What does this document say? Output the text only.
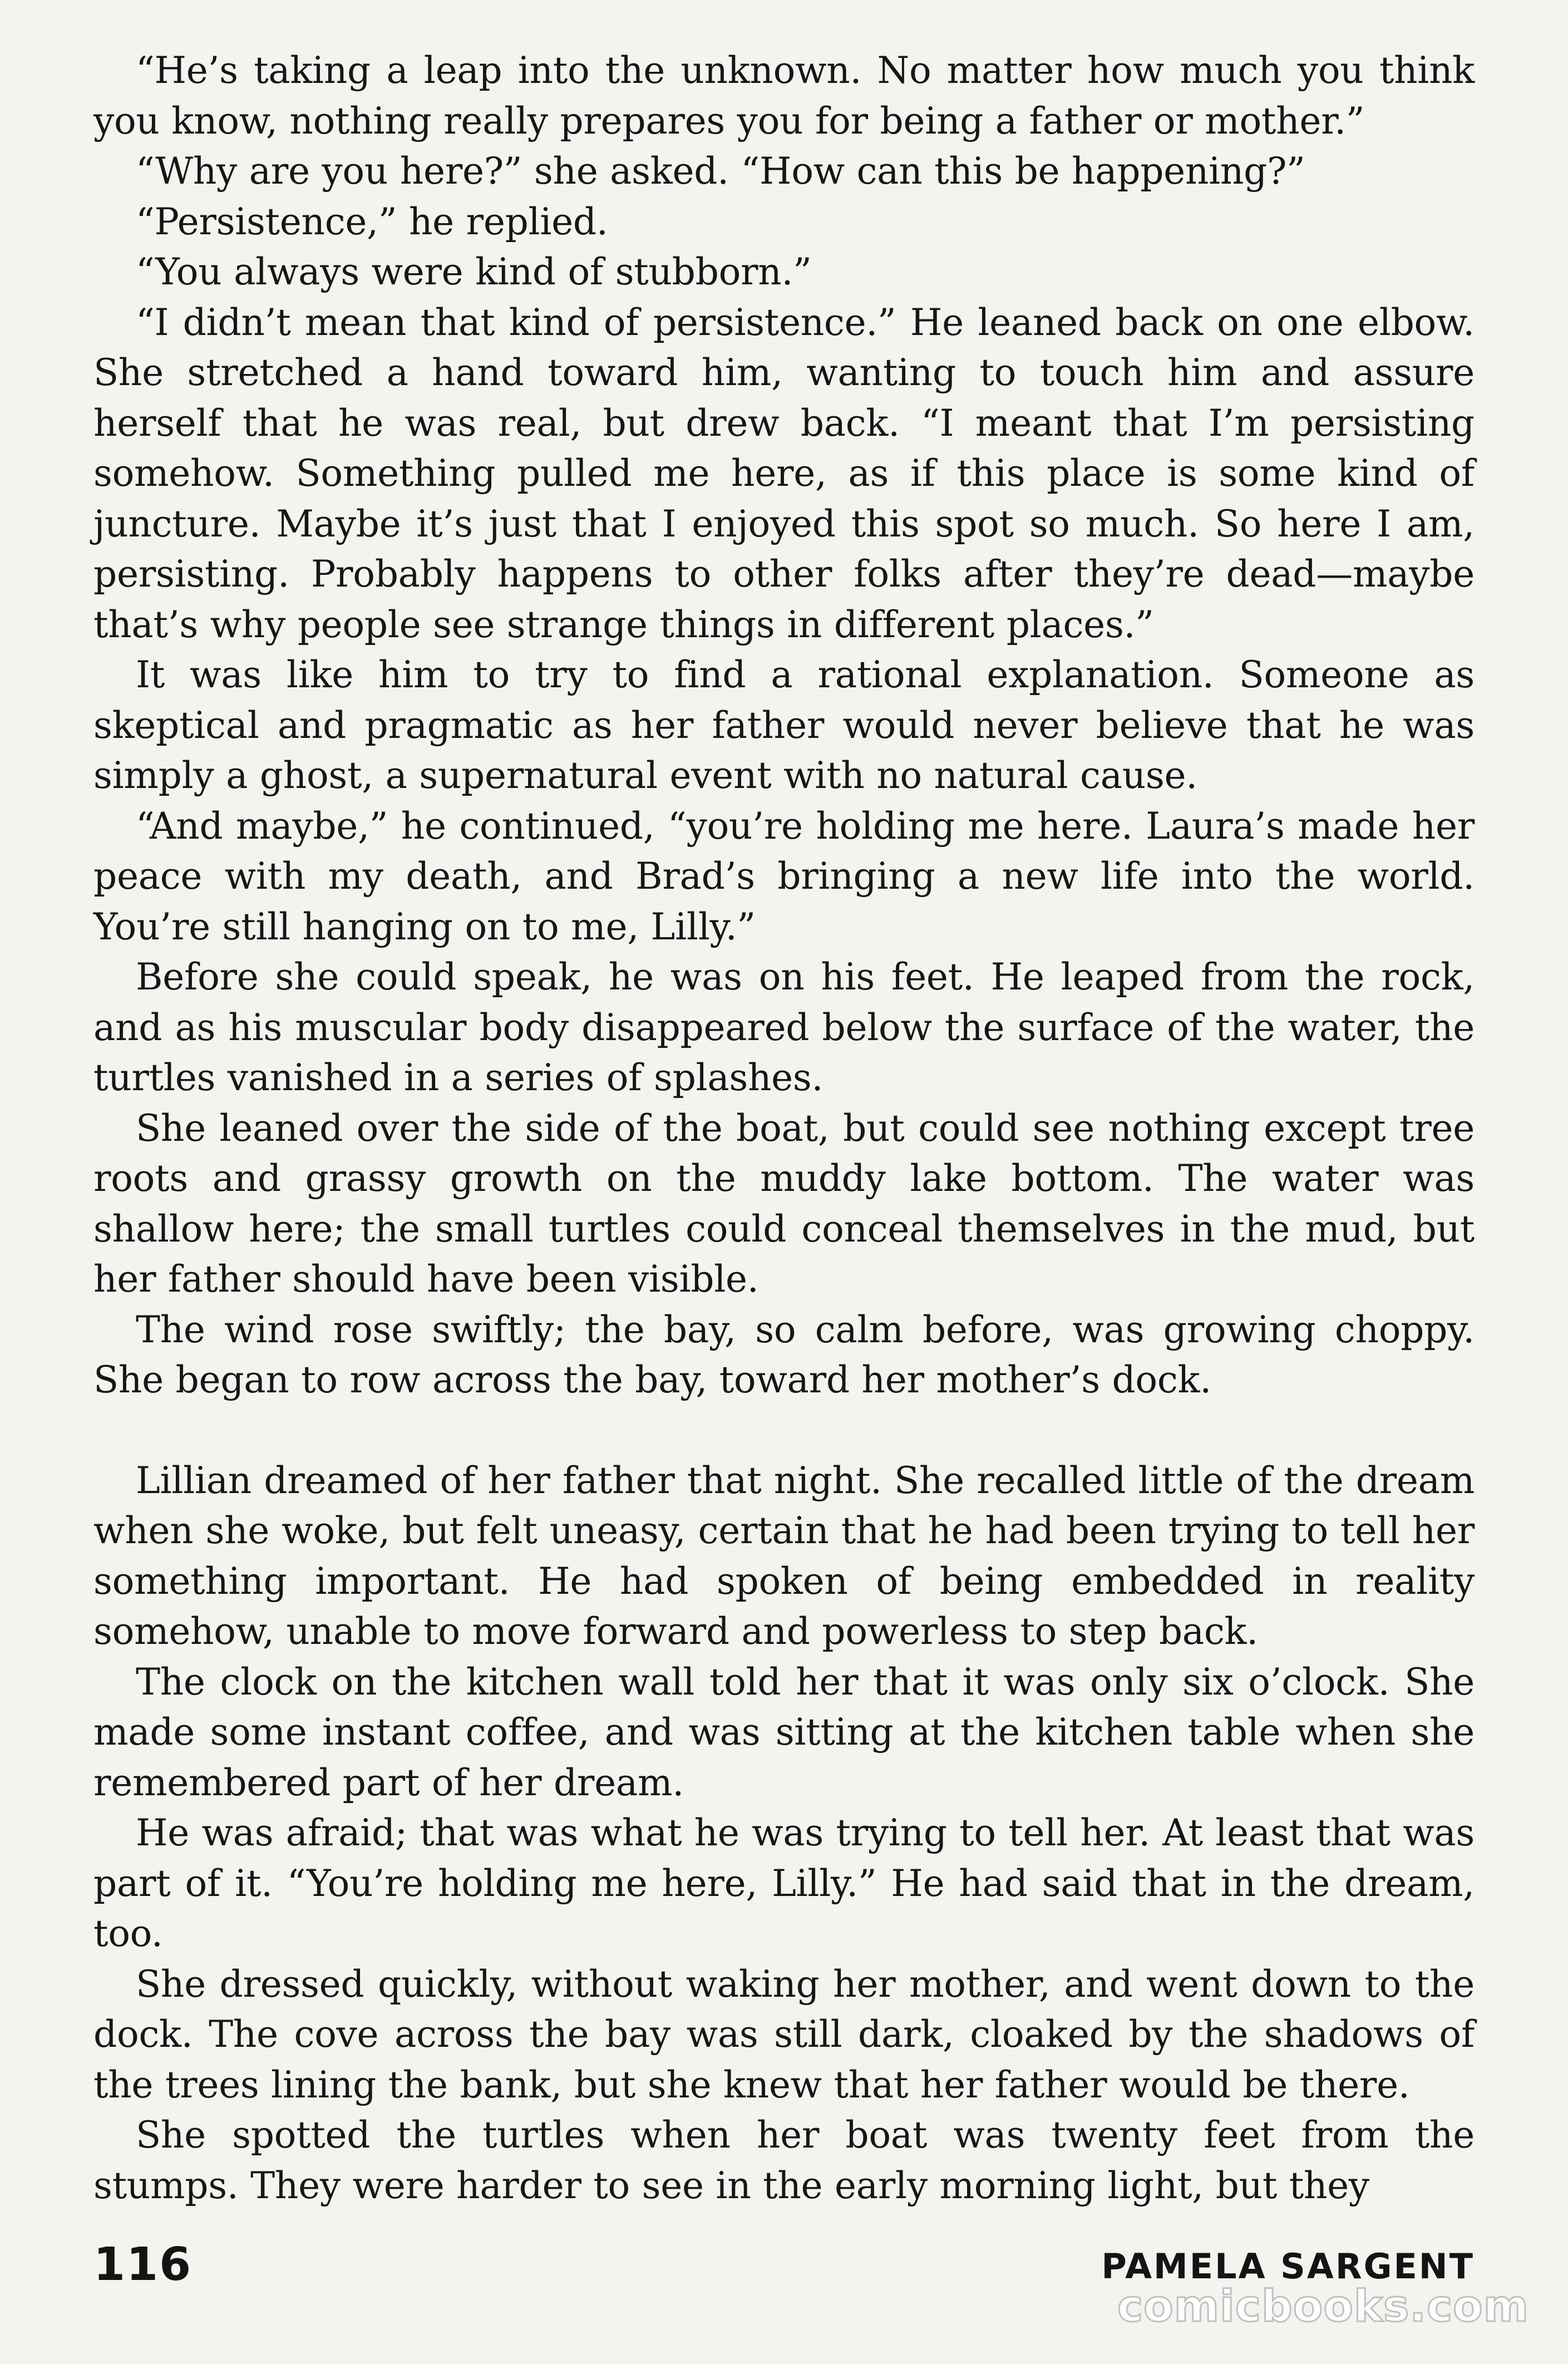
“He’s taking a leap into the unknown. No matter how much you think you know, nothing really prepares you for being a father or mother.”

“Why are you here?” she asked. “How can this be happening?”

“Persistence,” he replied.

“You always were kind of stubborn.”

“I didn’t mean that kind of persistence.” He leaned back on one elbow. She stretched a hand toward him, wanting to touch him and assure herself that he was real, but drew back. “I meant that I’m persisting somehow. Something pulled me here, as if this place is some kind of juncture. Maybe it’s just that I enjoyed this spot so much. So here I am, persisting. Probably happens to other folks after they’re dead—maybe that’s why people see strange things in different places.”

It was like him to try to find a rational explanation. Someone as skeptical and pragmatic as her father would never believe that he was simply a ghost, a supernatural event with no natural cause.

“And maybe,” he continued, “you’re holding me here. Laura’s made her peace with my death, and Brad’s bringing a new life into the world. You’re still hanging on to me, Lilly.”

Before she could speak, he was on his feet. He leaped from the rock, and as his muscular body disappeared below the surface of the water, the turtles vanished in a series of splashes.

She leaned over the side of the boat, but could see nothing except tree roots and grassy growth on the muddy lake bottom. The water was shallow here; the small turtles could conceal themselves in the mud, but her father should have been visible.

The wind rose swiftly; the bay, so calm before, was growing choppy. She began to row across the bay, toward her mother’s dock.

Lillian dreamed of her father that night. She recalled little of the dream when she woke, but felt uneasy, certain that he had been trying to tell her something important. He had spoken of being embedded in reality somehow, unable to move forward and powerless to step back.

The clock on the kitchen wall told her that it was only six o’clock. She made some instant coffee, and was sitting at the kitchen table when she remembered part of her dream.

He was afraid; that was what he was trying to tell her. At least that was part of it. “You’re holding me here, Lilly.” He had said that in the dream, too.

She dressed quickly, without waking her mother, and went down to the dock. The cove across the bay was still dark, cloaked by the shadows of the trees lining the bank, but she knew that her father would be there.

She spotted the turtles when her boat was twenty feet from the stumps. They were harder to see in the early morning light, but they

116	PAMELA SARGENT
comicbooks.com
